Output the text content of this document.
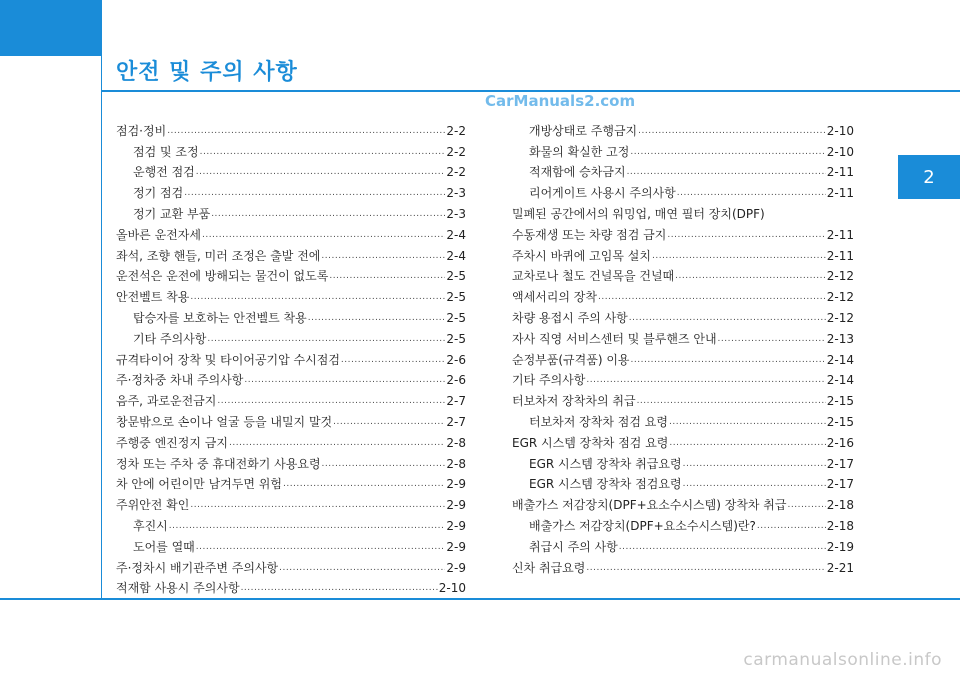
안전 및 주의 사항
CarManuals2.com
2
점검·정비 .....	2-2
점검 및 조정 .....	2-2
운행전 점검 .....	2-2
정기 점검 .....	2-3
정기 교환 부품 .....	2-3
올바른 운전자세 .....	2-4
좌석, 조향 핸들, 미러 조정은 출발 전에 .....	2-4
운전석은 운전에 방해되는 물건이 없도록 .....	2-5
안전벨트 착용 .....	2-5
탑승자를 보호하는 안전벨트 착용 .....	2-5
기타 주의사항 .....	2-5
규격타이어 장착 및 타이어공기압 수시점검 .....	2-6
주·정차중 차내 주의사항 .....	2-6
음주, 과로운전금지 .....	2-7
창문밖으로 손이나 얼굴 등을 내밀지 말것 .....	2-7
주행중 엔진정지 금지 .....	2-8
정차 또는 주차 중 휴대전화기 사용요령 .....	2-8
차 안에 어린이만 남겨두면 위험 .....	2-9
주위안전 확인 .....	2-9
후진시 .....	2-9
도어를 열때 .....	2-9
주·정차시 배기관주변 주의사항 .....	2-9
적재함 사용시 주의사항 .....	2-10
개방상태로 주행금지 .....	2-10
화물의 확실한 고정 .....	2-10
적재함에 승차금지 .....	2-11
리어게이트 사용시 주의사항 .....	2-11
밀폐된 공간에서의 워밍업, 매연 필터 장치(DPF)
수동재생 또는 차량 점검 금지 .....	2-11
주차시 바퀴에 고임목 설치 .....	2-11
교차로나 철도 건널목을 건널때 .....	2-12
액세서리의 장착 .....	2-12
차량 용접시 주의 사항 .....	2-12
자사 직영 서비스센터 및 블루핸즈 안내 .....	2-13
순정부품(규격품) 이용 .....	2-14
기타 주의사항 .....	2-14
터보차저 장착차의 취급 .....	2-15
터보차저 장착차 점검 요령 .....	2-15
EGR 시스템 장착차 점검 요령 .....	2-16
EGR 시스템 장착차 취급요령 .....	2-17
EGR 시스템 장착차 점검요령 .....	2-17
배출가스 저감장치(DPF+요소수시스템) 장착차 취급 .....	2-18
배출가스 저감장치(DPF+요소수시스템)란? .....	2-18
취급시 주의 사항 .....	2-19
신차 취급요령 .....	2-21
carmanualsonline.info
